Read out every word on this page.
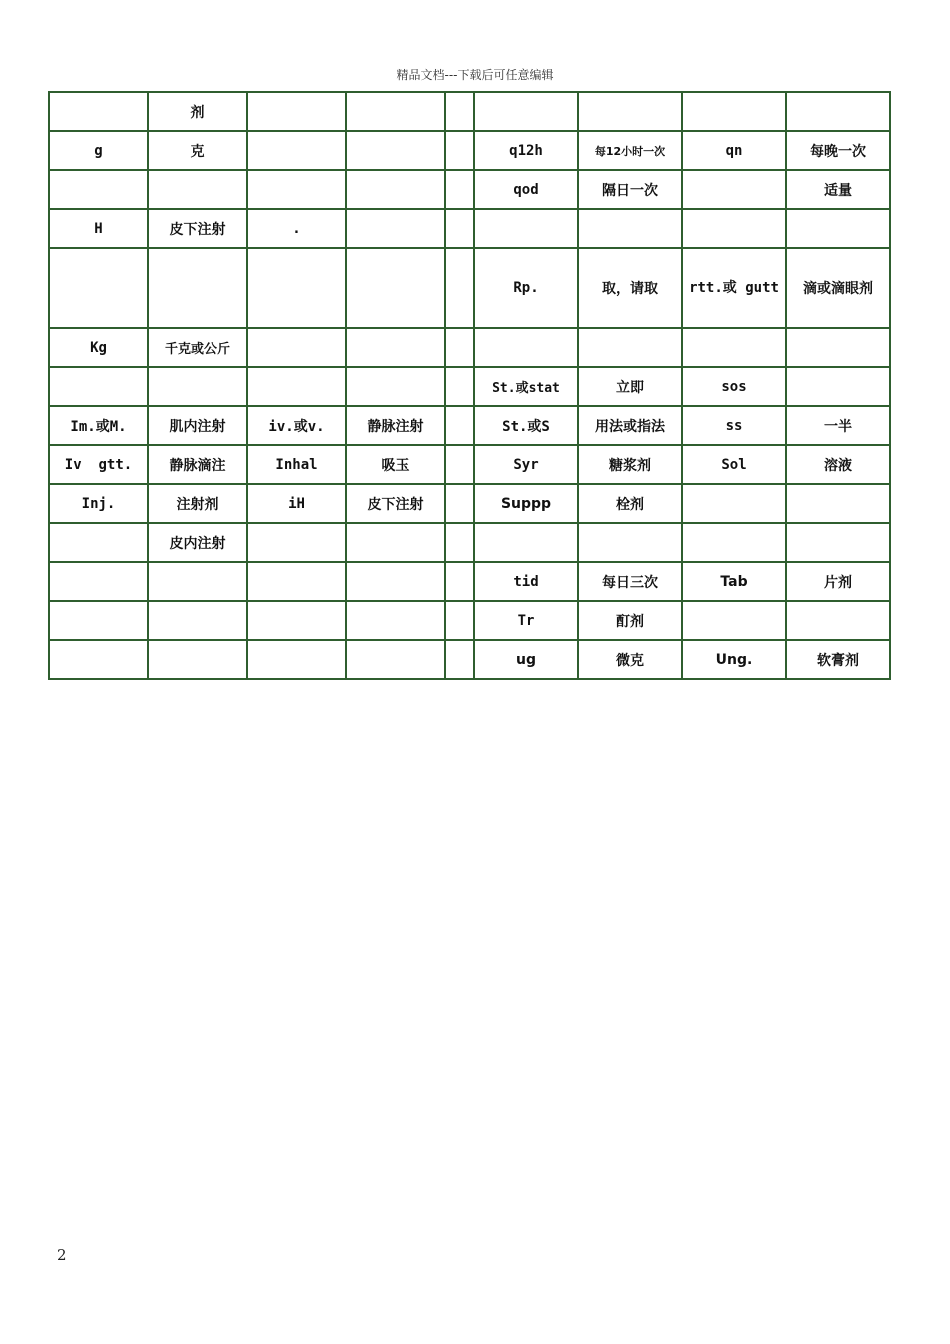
精品文档---下载后可任意编辑
	剂							
g	克				q12h	每12小时一次	qn	每晚一次
					qod	隔日一次		适量
H	皮下注射	.						
					Rp.	取，请取	rtt.或 gutt	滴或滴眼剂
Kg	千克或公斤							
					St.或stat	立即	sos	
Im.或M.	肌内注射	iv.或v.	静脉注射		St.或S	用法或指法	ss	一半
Iv  gtt.	静脉滴注	Inhal	吸玉		Syr	糖浆剂	Sol	溶液
Inj.	注射剂	iH	皮下注射		Suppp	栓剂		
	皮内注射							
					tid	每日三次	Tab	片剂
					Tr	酊剂		
					ug	微克	Ung.	软膏剂
2
